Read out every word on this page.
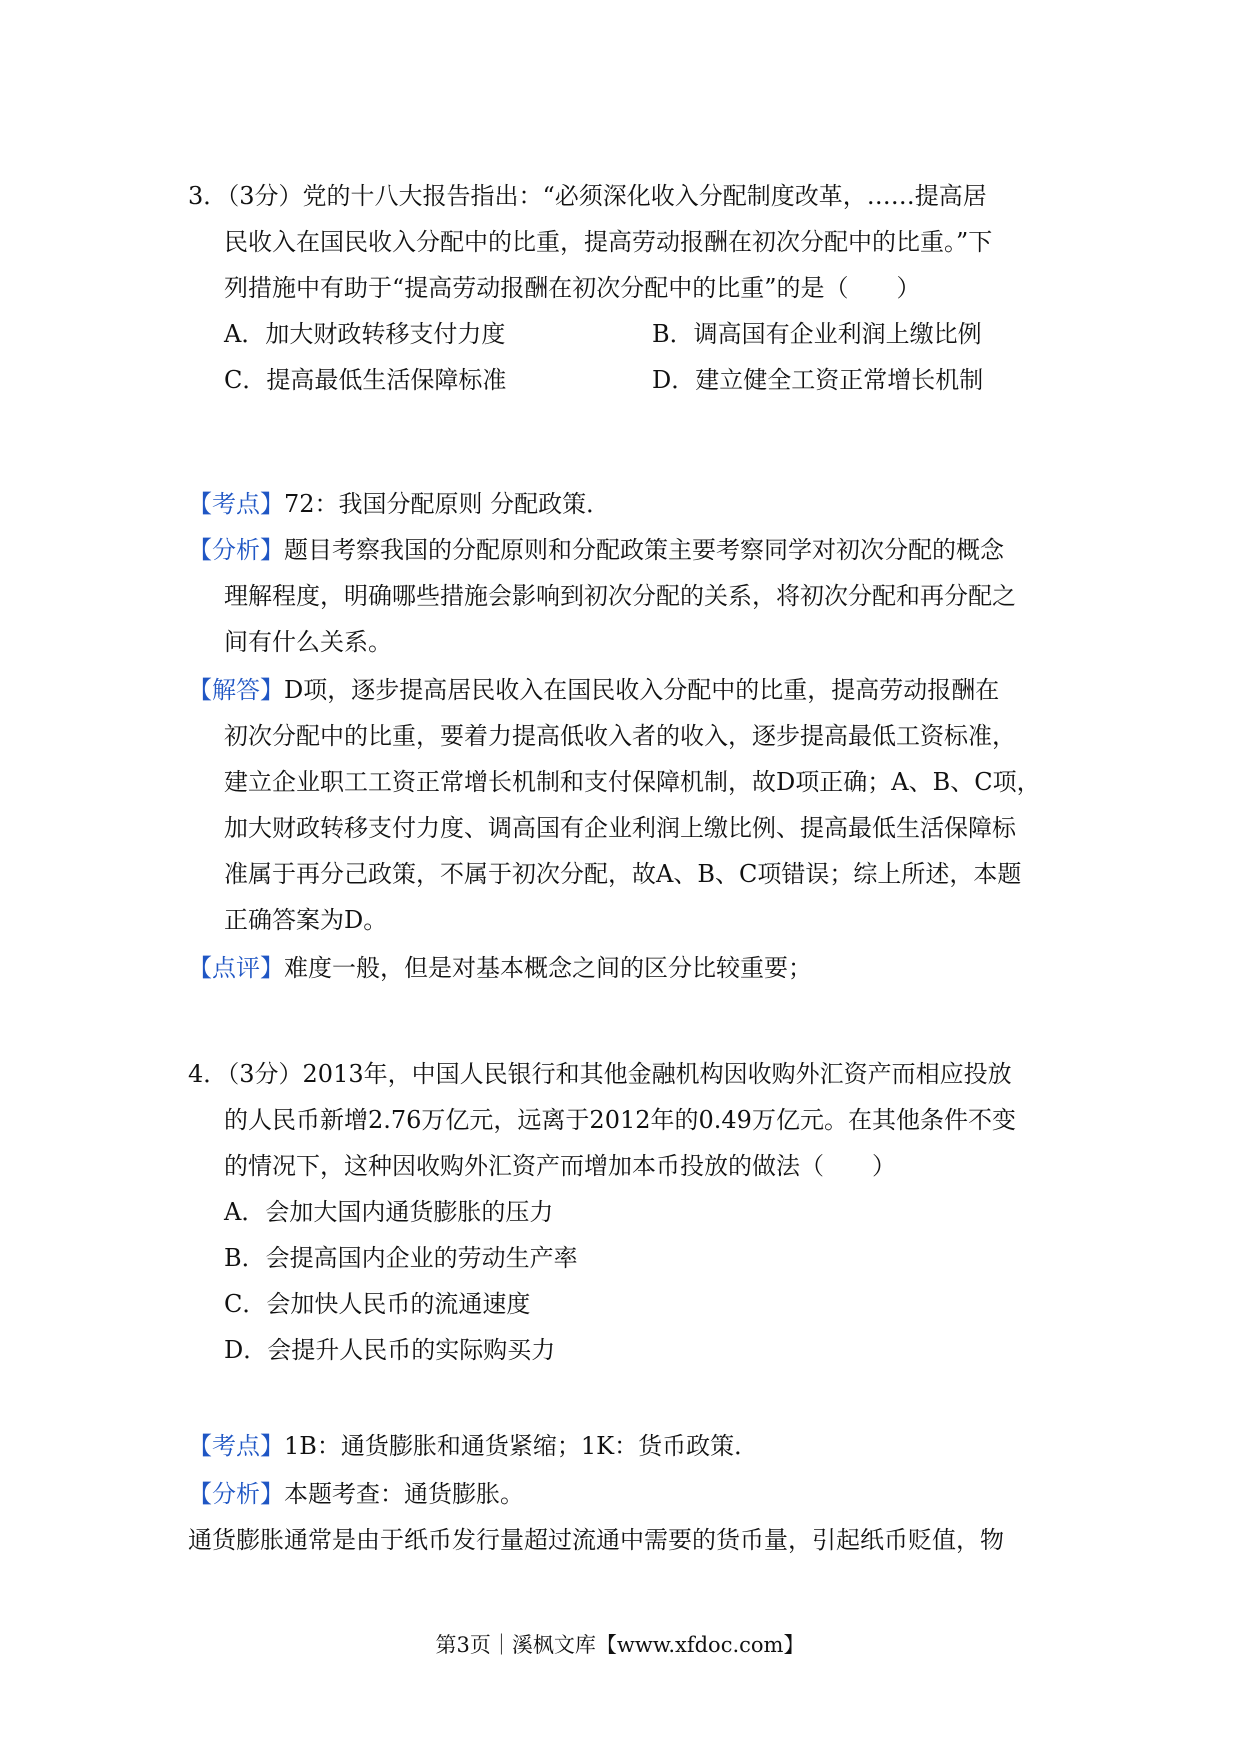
3．（3分）党的十八大报告指出：“必须深化收入分配制度改革，……提高居
民收入在国民收入分配中的比重，提高劳动报酬在初次分配中的比重。”下
列措施中有助于“提高劳动报酬在初次分配中的比重”的是（　　）
A．加大财政转移支付力度	B．调高国有企业利润上缴比例
C．提高最低生活保障标准	D．建立健全工资正常增长机制
【考点】72：我国分配原则 分配政策．
【分析】题目考察我国的分配原则和分配政策主要考察同学对初次分配的概念
理解程度，明确哪些措施会影响到初次分配的关系，将初次分配和再分配之
间有什么关系。
【解答】D项，逐步提高居民收入在国民收入分配中的比重，提高劳动报酬在
初次分配中的比重，要着力提高低收入者的收入，逐步提高最低工资标准，
建立企业职工工资正常增长机制和支付保障机制，故D项正确；A、B、C项，
加大财政转移支付力度、调高国有企业利润上缴比例、提高最低生活保障标
准属于再分己政策，不属于初次分配，故A、B、C项错误；综上所述，本题
正确答案为D。
【点评】难度一般，但是对基本概念之间的区分比较重要；
4．（3分）2013年，中国人民银行和其他金融机构因收购外汇资产而相应投放
的人民币新增2.76万亿元，远离于2012年的0.49万亿元。在其他条件不变
的情况下，这种因收购外汇资产而增加本币投放的做法（　　）
A．会加大国内通货膨胀的压力
B．会提高国内企业的劳动生产率
C．会加快人民币的流通速度
D．会提升人民币的实际购买力
【考点】1B：通货膨胀和通货紧缩；1K：货币政策．
【分析】本题考查：通货膨胀。
通货膨胀通常是由于纸币发行量超过流通中需要的货币量，引起纸币贬值，物
第3页｜溪枫文库【www.xfdoc.com】
